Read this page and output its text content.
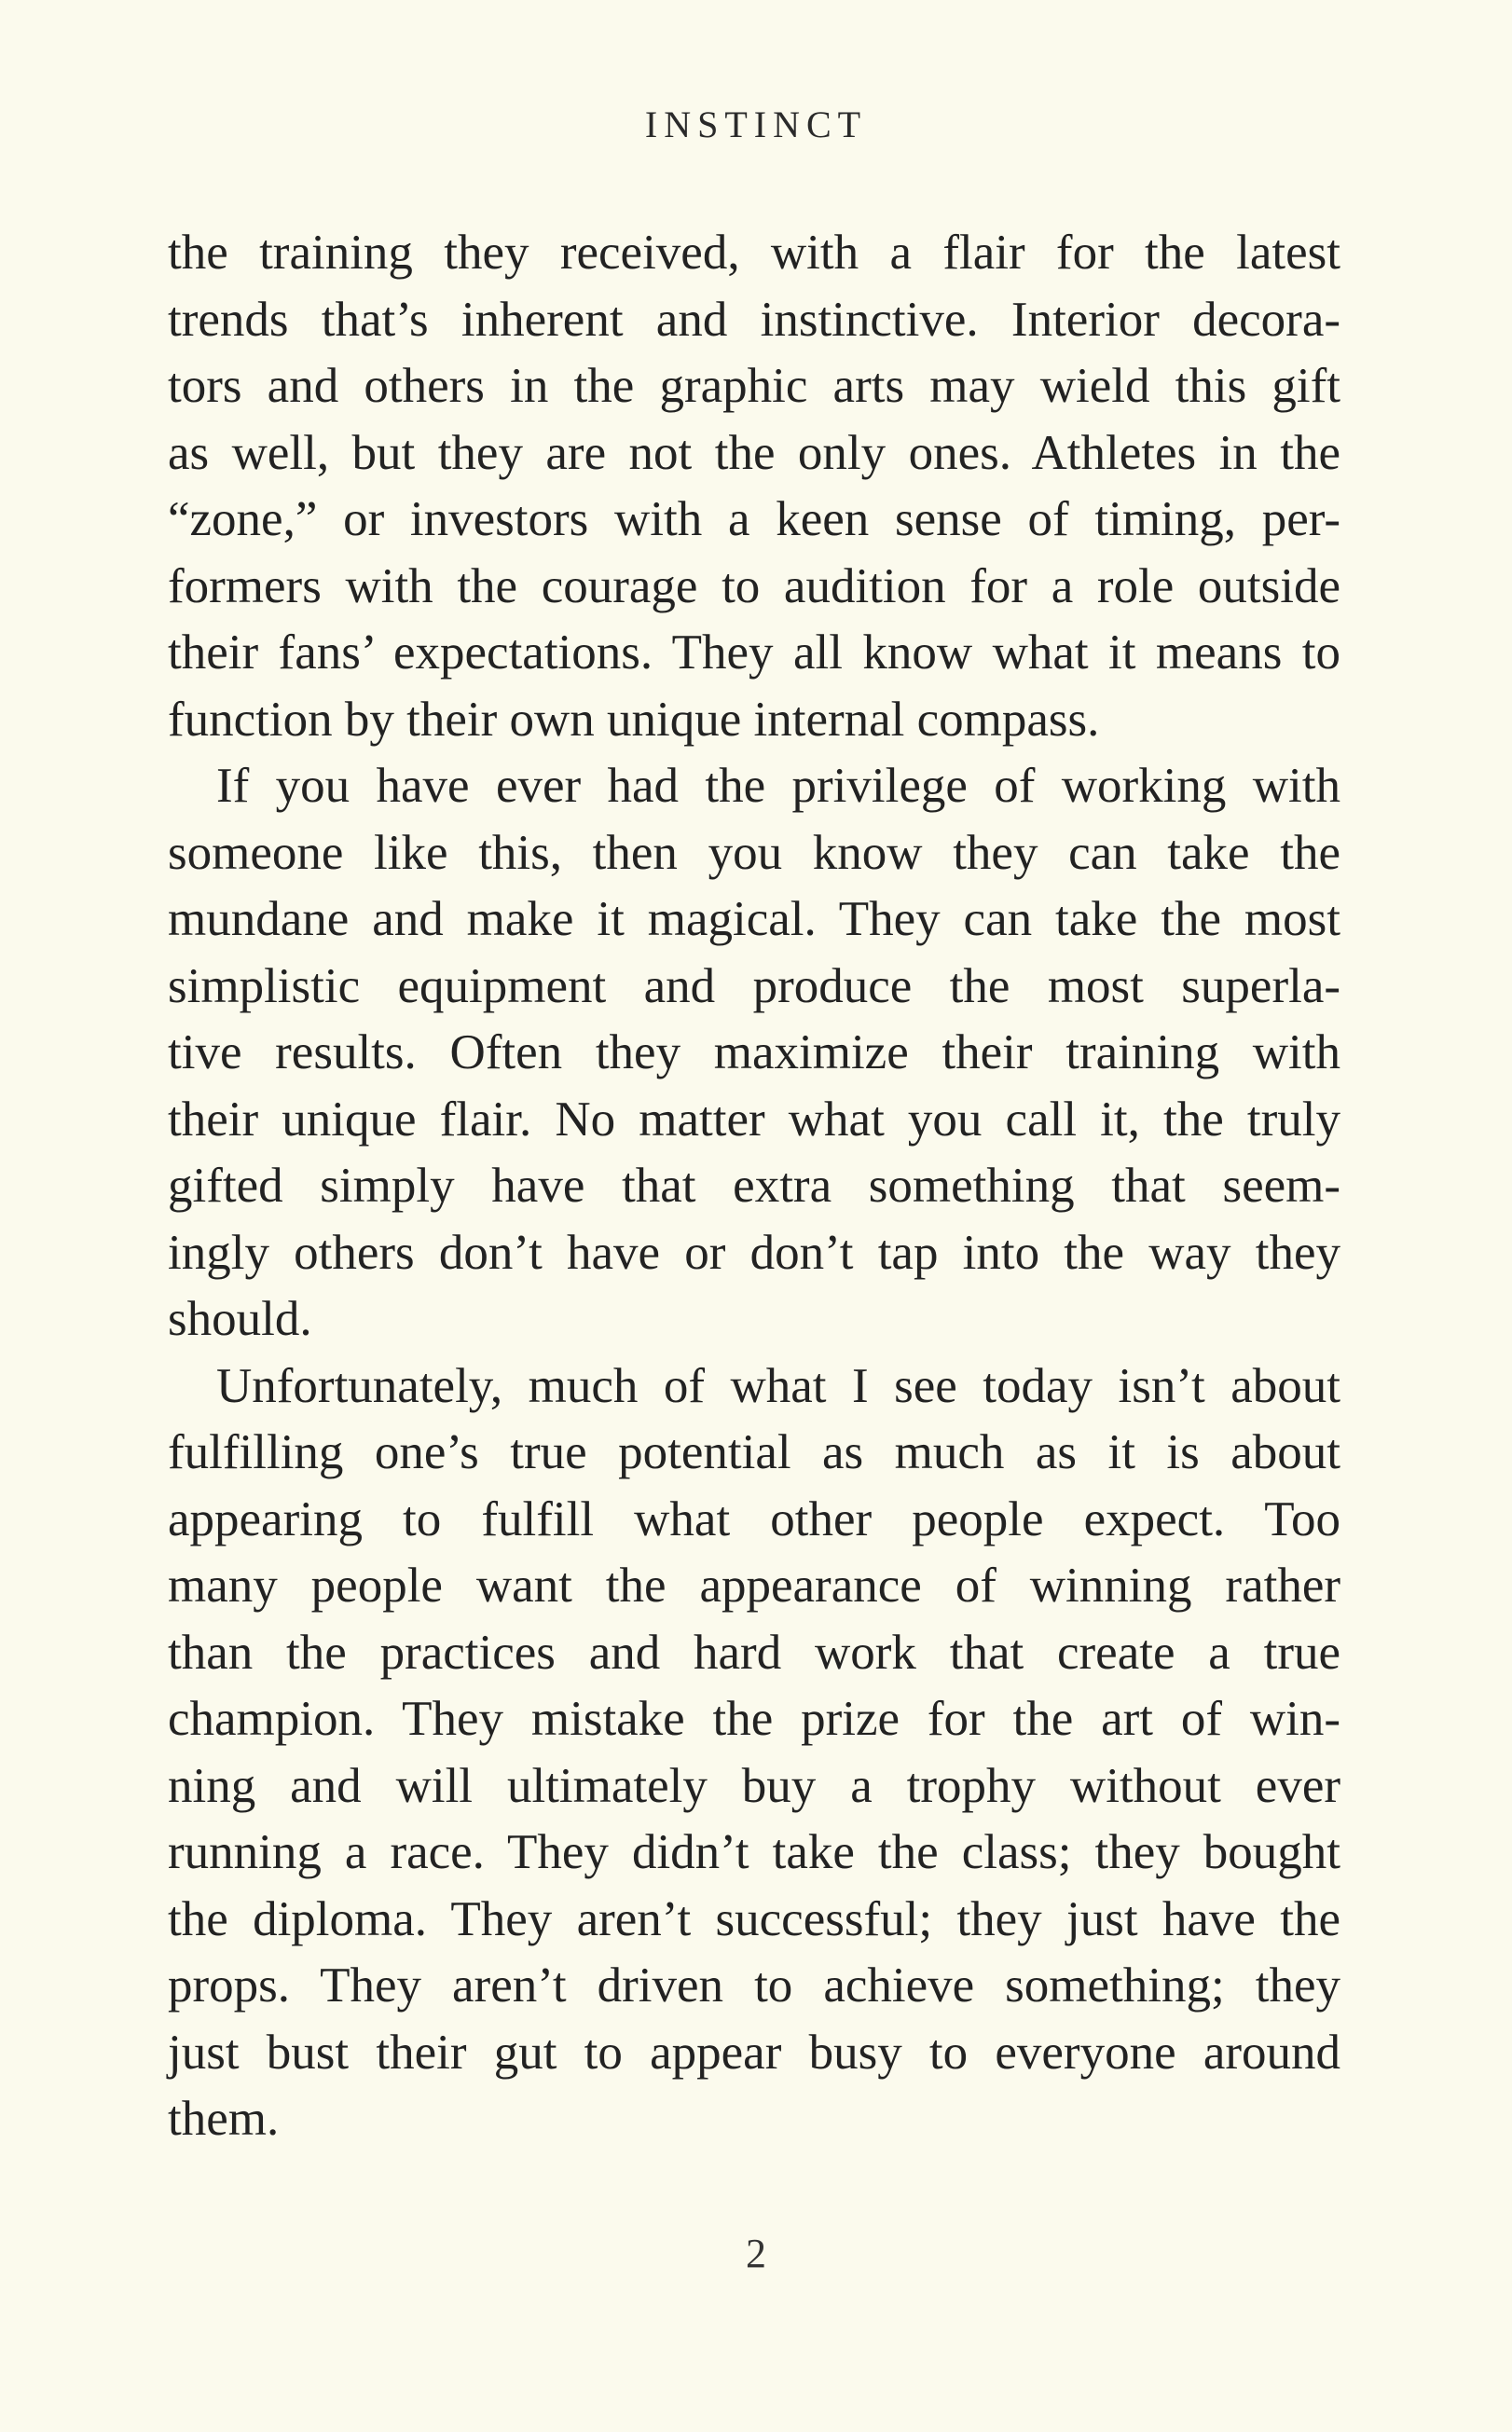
INSTINCT
the training they received, with a flair for the latest
trends that’s inherent and instinctive. Interior decora-
tors and others in the graphic arts may wield this gift
as well, but they are not the only ones. Athletes in the
“zone,” or investors with a keen sense of timing, per-
formers with the courage to audition for a role outside
their fans’ expectations. They all know what it means to
function by their own unique internal compass.
If you have ever had the privilege of working with
someone like this, then you know they can take the
mundane and make it magical. They can take the most
simplistic equipment and produce the most superla-
tive results. Often they maximize their training with
their unique flair. No matter what you call it, the truly
gifted simply have that extra something that seem-
ingly others don’t have or don’t tap into the way they
should.
Unfortunately, much of what I see today isn’t about
fulfilling one’s true potential as much as it is about
appearing to fulfill what other people expect. Too
many people want the appearance of winning rather
than the practices and hard work that create a true
champion. They mistake the prize for the art of win-
ning and will ultimately buy a trophy without ever
running a race. They didn’t take the class; they bought
the diploma. They aren’t successful; they just have the
props. They aren’t driven to achieve something; they
just bust their gut to appear busy to everyone around
them.
2
